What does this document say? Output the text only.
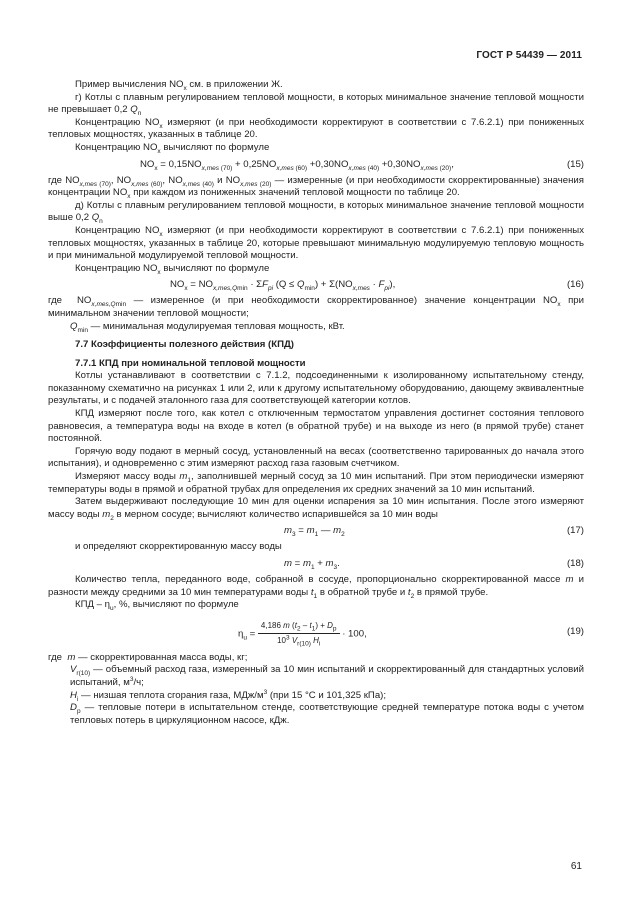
ГОСТ Р 54439 — 2011

Пример вычисления $NO_x$ см. в приложении Ж.

г) Котлы с плавным регулированием тепловой мощности, в которых минимальное значение тепловой мощности не превышает 0,2 $Q_n$

Концентрацию $NO_x$ измеряют (и при необходимости корректируют в соответствии с 7.6.2.1) при пониженных тепловых мощностях, указанных в таблице 20.

Концентрацию $NO_x$ вычисляют по формуле

$NO_x = 0,15NO_{x,mes (70)} + 0,25NO_{x,mes (60)} +0,30NO_{x,mes (40)} +0,30NO_{x,mes (20)}$,	(15)

где $NO_{x,mes (70)}$, $NO_{x,mes (60)}$, $NO_{x,mes (40)}$ и $NO_{x,mes (20)}$ — измеренные (и при необходимости скорректированные) значения концентрации $NO_x$ при каждом из пониженных значений тепловой мощности по таблице 20.

д) Котлы с плавным регулированием тепловой мощности, в которых минимальное значение тепловой мощности выше 0,2 $Q_n$

Концентрацию $NO_x$ измеряют (и при необходимости корректируют в соответствии с 7.6.2.1) при пониженных тепловых мощностях, указанных в таблице 20, которые превышают минимальную модулируемую тепловую мощность и при минимальной модулируемой тепловой мощности.

Концентрацию $NO_x$ вычисляют по формуле

$NO_x = NO_{x,mes,Qmin} \cdot \Sigma F_{pi}$ $(Q \le Q_{min}) + \Sigma(NO_{x,mes} \cdot F_{pi})$,	(16)

где  $NO_{x,mes,Qmin}$ — измеренное (и при необходимости скорректированное) значение концентрации $NO_x$ при минимальном значении тепловой мощности;

$Q_{min}$ — минимальная модулируемая тепловая мощность, кВт.

7.7 Коэффициенты полезного действия (КПД)

7.7.1 КПД при номинальной тепловой мощности

Котлы устанавливают в соответствии с 7.1.2, подсоединенными к изолированному испытательному стенду, показанному схематично на рисунках 1 или 2, или к другому испытательному оборудованию, дающему эквивалентные результаты, и с подачей эталонного газа для соответствующей категории котлов.

КПД измеряют после того, как котел с отключенным термостатом управления достигнет состояния теплового равновесия, а температура воды на входе в котел (в обратной трубе) и на выходе из него (в прямой трубе) станет постоянной.

Горячую воду подают в мерный сосуд, установленный на весах (соответственно тарированных до начала этого испытания), и одновременно с этим измеряют расход газа газовым счетчиком.

Измеряют массу воды $m_1$, заполнившей мерный сосуд за 10 мин испытаний. При этом периодически измеряют температуры воды в прямой и обратной трубах для определения их средних значений за 10 мин испытаний.

Затем выдерживают последующие 10 мин для оценки испарения за 10 мин испытания. После этого измеряют массу воды $m_2$ в мерном сосуде; вычисляют количество испарившейся за 10 мин воды

$m_3 = m_1$ — $m_2$	(17)

и определяют скорректированную массу воды

$m = m_1 + m_3$.	(18)

Количество тепла, переданного воде, собранной в сосуде, пропорционально скорректированной массе m и разности между средними за 10 мин температурами воды $t_1$ в обратной трубе и $t_2$ в прямой трубе.

КПД – $\eta_u$, %, вычисляют по формуле

$\eta_u = \frac{4,186 m (t_2 - t_1) + D_p}{10^3 V_{r(10)} H_i} \cdot 100$,	(19)

где  m — скорректированная масса воды, кг;

$V_{r(10)}$ — объемный расход газа, измеренный за 10 мин испытаний и скорректированный для стандартных условий испытаний, $м^3/ч$;

$H_i$ — низшая теплота сгорания газа, МДж/$м^3$ (при 15 °С и 101,325 кПа);

$D_p$ — тепловые потери в испытательном стенде, соответствующие средней температуре потока воды с учетом тепловых потерь в циркуляционном насосе, кДж.

61
